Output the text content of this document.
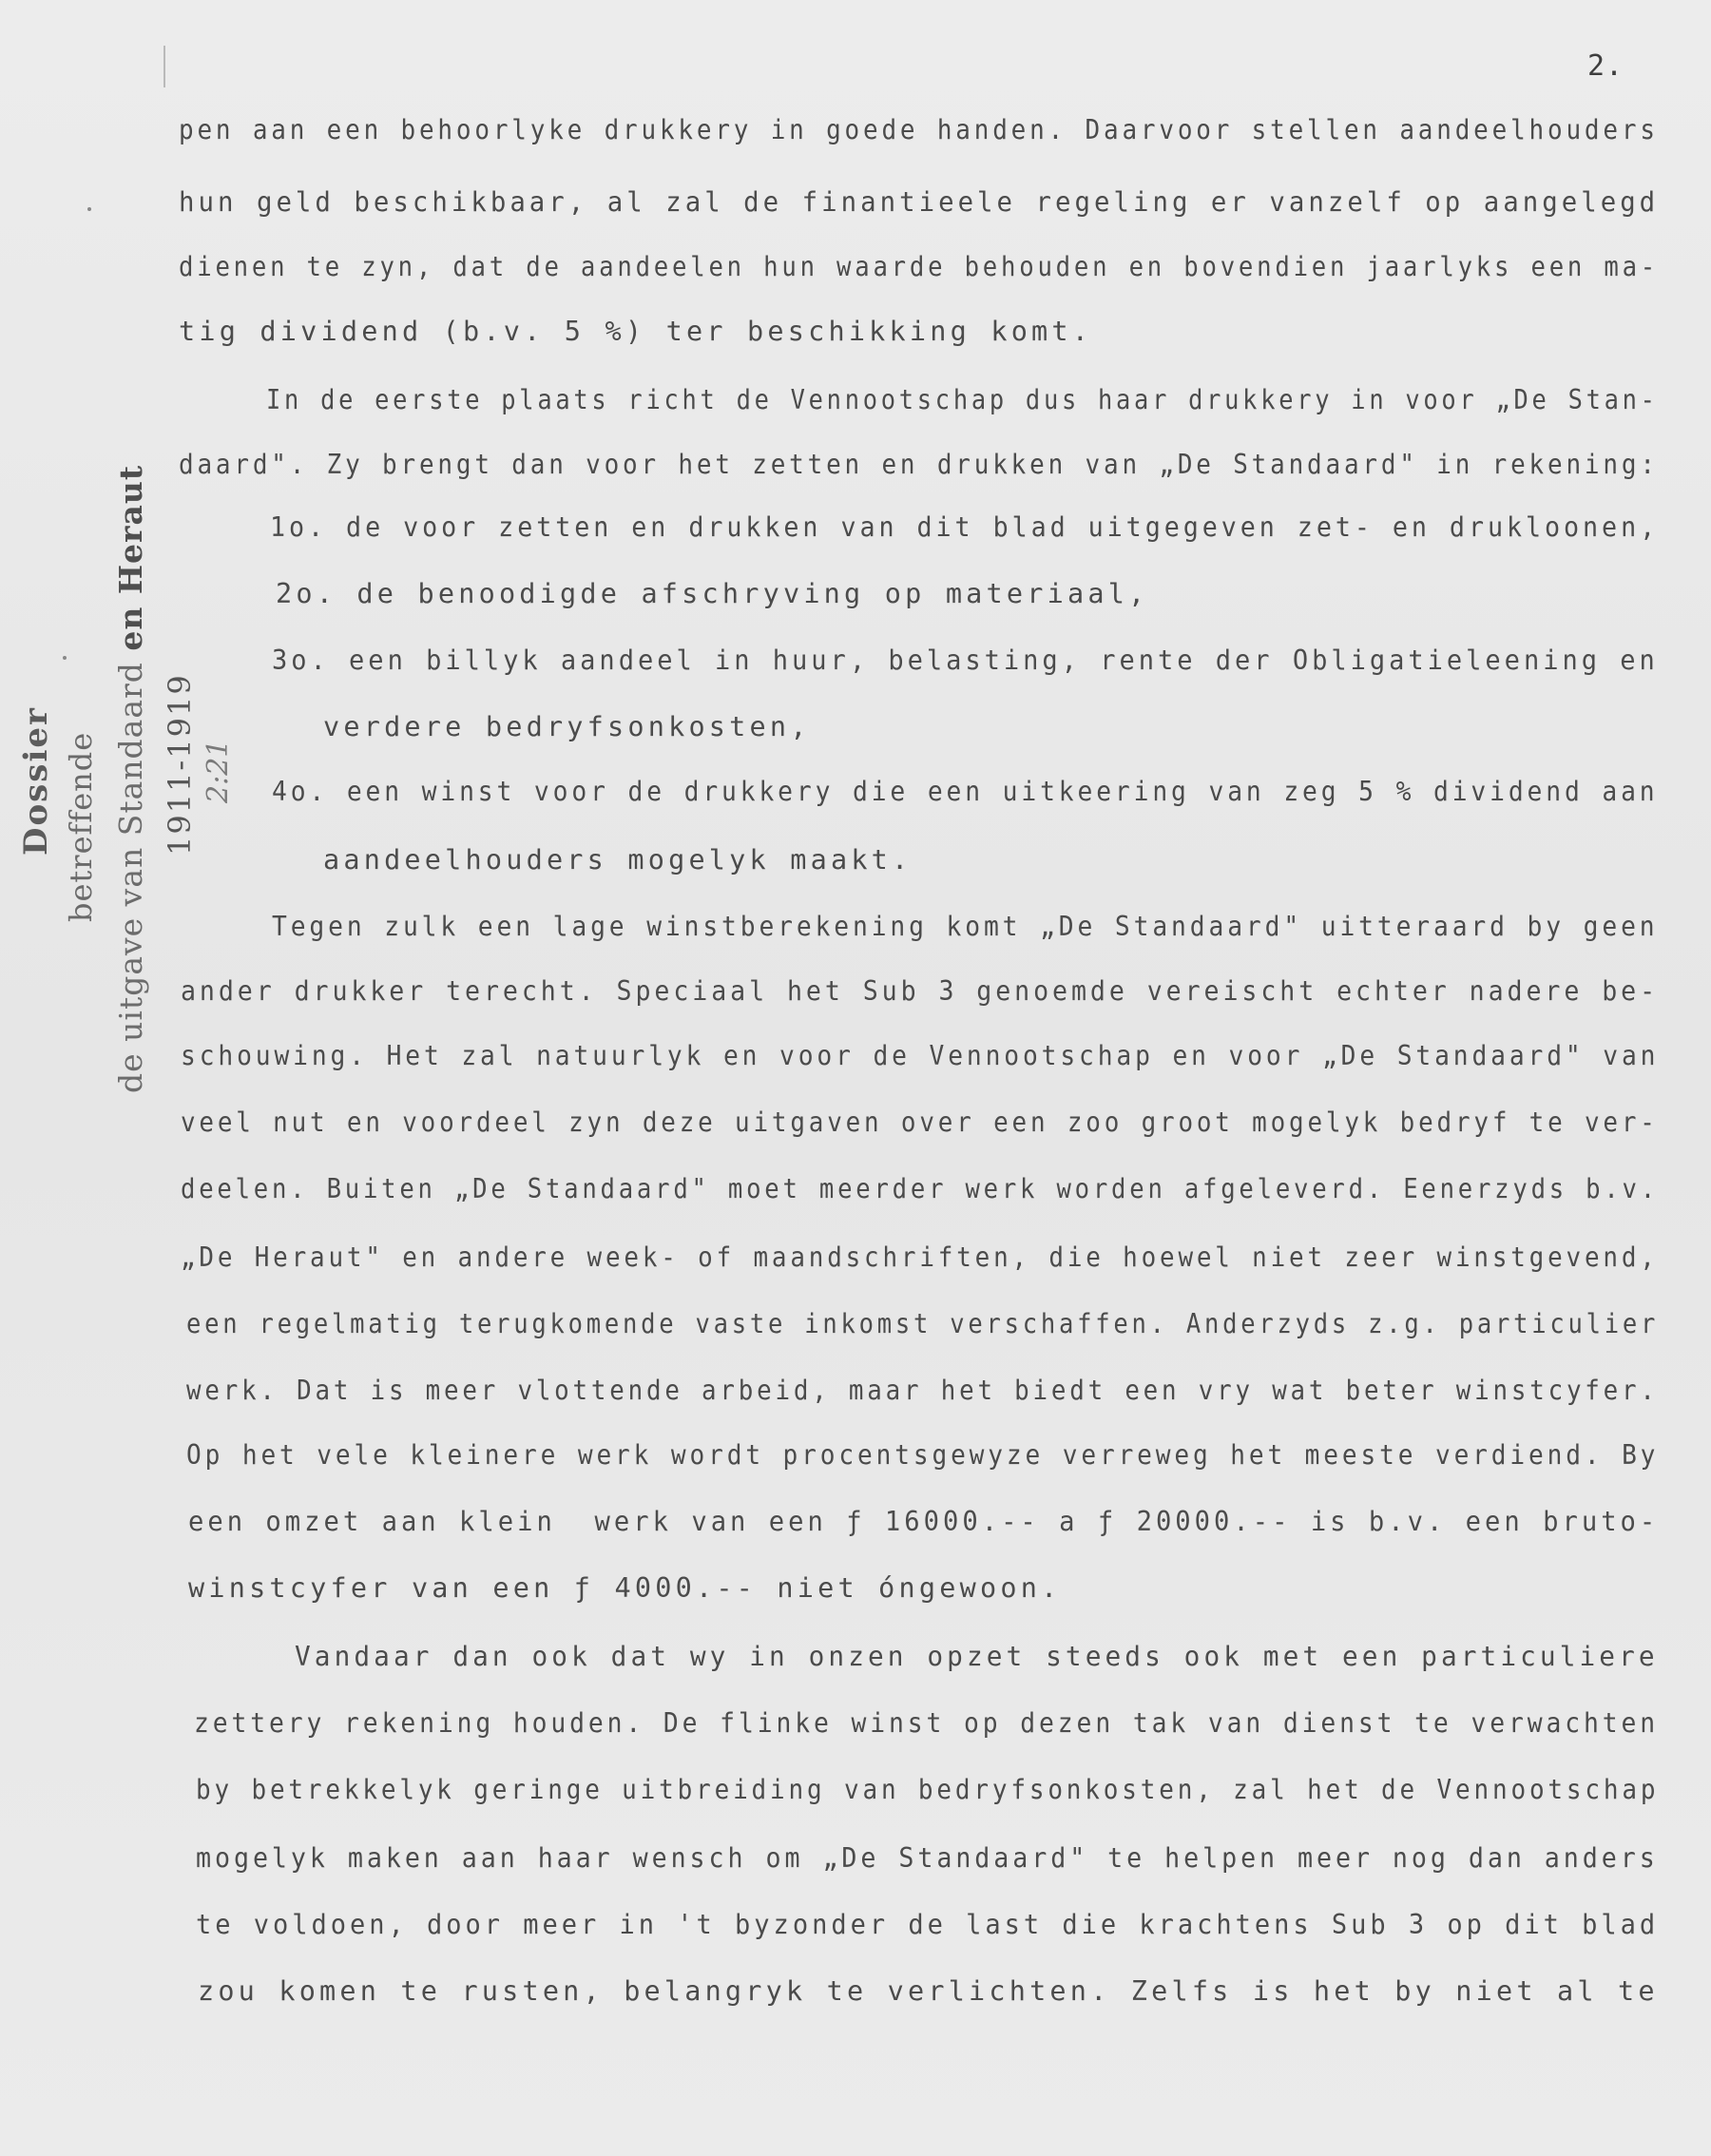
2.
Dossier betreffende de uitgave van Standaard en Heraut
1911-1919 2:21
pen aan een behoorlyke drukkery in goede handen. Daarvoor stellen aandeelhouders
hun geld beschikbaar, al zal de finantieele regeling er vanzelf op aangelegd
dienen te zyn, dat de aandeelen hun waarde behouden en bovendien jaarlyks een ma-
tig dividend (b.v. 5 %) ter beschikking komt.
In de eerste plaats richt de Vennootschap dus haar drukkery in voor „De Stan-
daard". Zy brengt dan voor het zetten en drukken van „De Standaard" in rekening:
1o. de voor zetten en drukken van dit blad uitgegeven zet- en drukloonen,
2o. de benoodigde afschryving op materiaal,
3o. een billyk aandeel in huur, belasting, rente der Obligatieleening en
verdere bedryfsonkosten,
4o. een winst voor de drukkery die een uitkeering van zeg 5 % dividend aan
aandeelhouders mogelyk maakt.
Tegen zulk een lage winstberekening komt „De Standaard" uitteraard by geen
ander drukker terecht. Speciaal het Sub 3 genoemde vereischt echter nadere be-
schouwing. Het zal natuurlyk en voor de Vennootschap en voor „De Standaard" van
veel nut en voordeel zyn deze uitgaven over een zoo groot mogelyk bedryf te ver-
deelen. Buiten „De Standaard" moet meerder werk worden afgeleverd. Eenerzyds b.v.
„De Heraut" en andere week- of maandschriften, die hoewel niet zeer winstgevend,
een regelmatig terugkomende vaste inkomst verschaffen. Anderzyds z.g. particulier
werk. Dat is meer vlottende arbeid, maar het biedt een vry wat beter winstcyfer.
Op het vele kleinere werk wordt procentsgewyze verreweg het meeste verdiend. By
een omzet aan klein  werk van een ƒ 16000.-- a ƒ 20000.-- is b.v. een bruto-
winstcyfer van een ƒ 4000.-- niet óngewoon.
Vandaar dan ook dat wy in onzen opzet steeds ook met een particuliere
zettery rekening houden. De flinke winst op dezen tak van dienst te verwachten
by betrekkelyk geringe uitbreiding van bedryfsonkosten, zal het de Vennootschap
mogelyk maken aan haar wensch om „De Standaard" te helpen meer nog dan anders
te voldoen, door meer in 't byzonder de last die krachtens Sub 3 op dit blad
zou komen te rusten, belangryk te verlichten. Zelfs is het by niet al te
